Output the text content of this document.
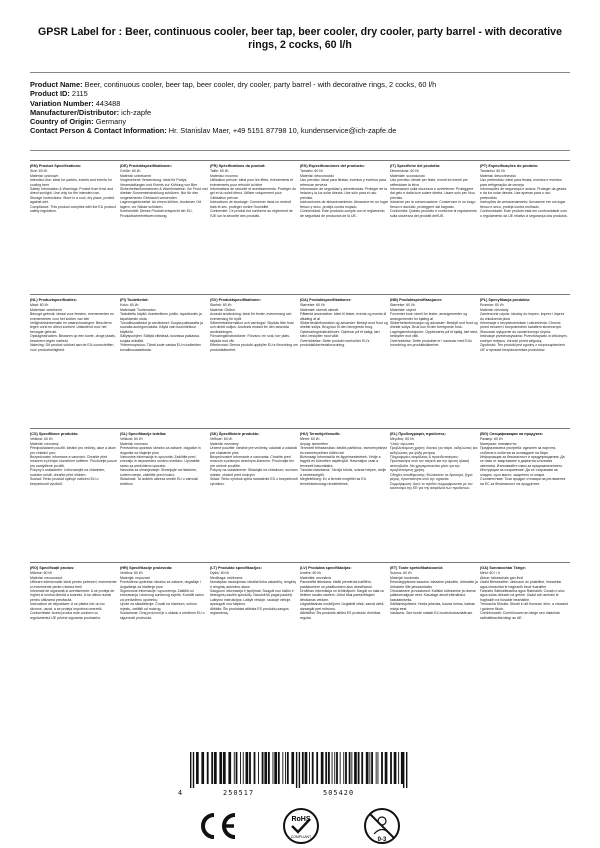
GPSR Label for : Beer, continuous cooler, beer tap, beer cooler, dry cooler, party barrel - with decorative rings, 2 cocks, 60 l/h
Product Name: Beer, continuous cooler, beer tap, beer cooler, dry cooler, party barrel - with decorative rings, 2 cocks, 60 l/h
Product ID: 2115
Variation Number: 443488
Manufacturer/Distributor: ich-zapfe
Country of Origin: Germany
Contact Person & Contact Information: Hr. Stanislav Maer, +49 5151 87798 10, kundenservice@ich-zapfe.de
(EN) Product Specifications:
Size: 60 l/h
Material: unknown
Intended Use: ideal for parties, events and events for cooling beer
Safety Information & Warnings: Protect from frost and direct sunlight. Use only for the intended use.
Storage Instructions: Store in a cool, dry place, protect against wet.
Compliance: This product complies with the EU product safety regulation.
(DE) Produktspezifikationen:
Größe: 60 l/h
Material: unbekannt
Vorgesehene Verwendung: ideal für Partys, Veranstaltungen und Events zur Kühlung von Bier
Sicherheitsinformationen & Warnhinweise: Vor Frost und direkter Sonneneinstrahlung schützen. Nur für den vorgesehenen Gebrauch verwenden.
Lagerungshinweise: An einem kühlen, trockenen Ort lagern, vor Nässe schützen.
Konformität: Dieses Produkt entspricht der EU-Produktsicherheitsverordnung.
(FR) Spécifications du produit:
Taille: 60 l/h
Matériau: inconnu
Utilisation prévue: idéal pour les fêtes, événements et événements pour refroidir la bière
Informations de sécurité et avertissements: Protéger du gel et du soleil direct. Utiliser uniquement pour l'utilisation prévue.
Instructions de stockage: Conserver dans un endroit frais et sec, protéger contre l'humidité.
Conformité: Ce produit est conforme au règlement de l'UE sur la sécurité des produits.
(ES) Especificaciones del producto:
Tamaño: 60 l/h
Material: desconocido
Uso previsto: ideal para fiestas, eventos y eventos para refrescar cerveza
Información de seguridad y advertencias: Proteger de la helada y la luz solar directa. Use sólo para el uso previsto.
Instrucciones de almacenamiento: Almacene en un lugar fresco y seco, proteja contra mojado.
Conformidad: Este producto cumple con el reglamento de seguridad de productos de la UE.
(IT) Specifiche del prodotto:
Dimensione: 60 l/h
Materiale: sconosciuto
Uso previsto: ideale per feste, eventi ed eventi per raffreddare la birra
Informazioni sulla sicurezza e avvertenze: Proteggere dal gelo e dalla luce solare diretta. Usare solo per l'uso previsto.
Istruzioni per la conservazione: Conservare in un luogo fresco e asciutto, proteggere dal bagnato.
Conformità: Questo prodotto è conforme al regolamento sulla sicurezza dei prodotti dell'UE.
(PT) Especificações do produto:
Tamanho: 60 l/h
Material: desconhecido
Uso pretendido: ideal para festas, eventos e eventos para refrigeração de cerveja
Informações de segurança e avisos: Proteger da geada e da luz solar directa. Use apenas para o uso pretendido.
Instruções de armazenamento: Armazene em um lugar fresco e seco, proteja contra molhado.
Conformidade: Este produto está em conformidade com o regulamento da UE relativo à segurança dos produtos.
(NL) Productspecificaties:
Maat: 60 l/h
Materiaal: onbekend
Beoogd gebruik: ideaal voor feesten, evenementen en evenementen voor het koelen van bier
Veiligheidsinformatie en waarschuwingen: Bescherm tegen vorst en direct zonlicht. Uitsluitend voor het beoogde gebruik.
Opslaginstructies: Bewaren op een koele, droge plaats, bescherm tegen natheid.
Naleving: Dit product voldoet aan de EU-voorschriften voor productveiligheid.
(FI) Tuotetiedot:
Koko: 60 l/h
Materiaali: Tuntematon
Tarkoitettu käyttö: ihanteellinen juhliin, tapahtumiin ja tapahtumiin oluta
Turvallisuustiedot ja varoitukset: Suojaa pakkaselta ja suoralta auringonvalolta. Käytä vain tuunnitelluun käyttöön.
Säilytysohjeet: Säilytä viileässä, kuivassa paikassa, suojaa märältä.
Yhteensopivuus: Tämä tuote vastaa EU:n tuotteiden turvallisuusasetusta.
(SV) Produktspecifikationer:
Storlek: 60 l/h
Material: Okänd
Avsedd användning: ideal för fester, evenemang och evenemang för kylöl
Säkerhetsinformation och varningar: Skydda från frost och direkt solljus. Används endast för den avsedda användningen.
Förvaringsinstruktioner: Förvara i en sval, torr plats, skydda mot våt.
Efterlevnad: Denna produkt uppfyller EU:s förordning om produktsäkerhet.
(DA) Produktspecifikationer:
Størrelse: 60 l/h
Materiale: ukendt ukendt
Påtænkt anvendelse: ideel til fester, events og events til afkøling af øl
Sikkerhedsinformation og advarsler: Beskyt mod frost og direkte sollys. Brug kun til den beregnede brug.
Opbevaringsinstruktioner: Opbevar på et køligt, tørt sted, beskytter mod vådt.
Overholdelse: Dette produkt overholder EU's produktsikkerhedsforordning.
(NB) Produktspesifikasjoner:
Størrelse: 60 l/h
Materiale: ukjent
Forventet bruk: ideell for fester, arrangementer og arrangementer for kjøling øl
Sikkerhetsinformasjon og advarsler: Beskytt mot frost og direkte sollys. Bruk kun til den beregnede bruk.
Lagringsinstruksjoner: Oppbevares på et kjølig, tørt sted, beskytter mot vått.
Overholdelse: Dette produktet er i samsvar med EUs forordning om produktsikkerhet.
(PL) Specyfikacja produktu:
Rozmiar: 60 l/h
Materiał: nieznany
Zamierzone użycie: idealny do imprez, imprez i imprez do chłodzenia piwa
Informacje o bezpieczeństwie i ostrzeżenia: Chronić przed mrozem i bezpośrednim światłem słonecznym. Stosować wyłącznie do zamierzonego użycia.
Instrukcje przechowywania: Przechowywać w chłodnym, suchym miejscu, chronić przed wilgocią.
Zgodność: Ten produkt jest zgodny z rozporządzeniem UE w sprawie bezpieczeństwa produktów.
(CS) Specifikace produktu:
Velikost: 60 l/h
Materiál: neznámý
Předpokládané použití: ideální pro večírky, akce a akce pro chladící pivo
Bezpečnostní informace a varování: Chraňte před mrazem a přímým slunečním světlem. Používejte pouze pro zamýšlené použití.
Pokyny k uskladnění: Uchovávejte na chladném, suchém místě, chraňte před vlhkem.
Soulad: Tento produkt splňuje nařízení EU o bezpečnosti výrobků.
(SL) Specifikacije izdelka:
Velikost: 60 l/h
Material: neznano
Predvidena uporaba: idealno za zabave, dogodke in dogodke za hlajenje piva
Varnostne informacije in opozorila: Zaščitite pred zmrzaljo in neposredno sončno svetlobo. Uporabite samo za predvideno uporabo.
Navodila za shranjevanje: Shranjujte na hladnem, suhem mestu, zaščitite pred mokro.
Skladnost: Ta izdelek ustreza uredbi EU o varnosti izdelkov.
(SK) Špecifikácie produktu:
Veľkosť: 60 l/h
Materiál: neznámy
Určené použitie: ideálne pre večierky, udalosti a udalosti pre chladenie piva
Bezpečnostné informácie a varovania: Chráňte pred mrazom a priamym slnečným žiarením. Používajte len pre určené použitie.
Pokyny na uskladnenie: Skladujte na chladnom, suchom mieste, chrániť pred mokrým.
Súlad: Tento výrobok spĺňa nariadenie EÚ o bezpečnosti výrobkov.
(HU) Termékjellemzők:
Méret: 60 l/h
Anyag: ismeretlen
Tervezett felhasználás: ideális partikhoz, eseményekhez és eseményekhez hűtési sör
Biztonsági információk és figyelmeztetések: Védje a fagytól és közvetlen napfénytől. Használjon csak a tervezett használatra.
Tárolási utasítások: Tárolja hűvös, száraz helyen, védje a nedvességtől.
Megfelelőség: Ez a termék megfelel az EU termékbiztonsági rendeletének.
(EL) Προδιαγραφές προϊόντος:
Μέγεθος: 60 l/h
Υλικό: άγνωστο
Προβλεπόμενη χρήση: ιδανικό για πάρτι, εκδηλώσεις και εκδηλώσεις για ψύξη μπύρας
Πληροφορίες ασφάλειας & προειδοποιήσεις: Προστατέψτε από τον παγετό και την άμεση ηλιακή ακτινοβολία. Να χρησιμοποιείται μόνο για την προβλεπόμενη χρήση.
Οδηγίες αποθήκευσης: Φυλάσσετε σε δροσερό, ξηρό μέρος, προστατέψτε από την υγρασία.
Συμμόρφωση: Αυτό το προϊόν συμμορφώνεται με τον κανονισμό της ΕΕ για την ασφάλεια των προϊόντων.
(BG) Спецификации на продукта:
Размер: 60 l/h
Материал: неизвестно
Предназначена употреба: идеален за партита, събития и събития за охлаждане на бира
Информация за безопасност и предупреждения: Да се пази от замръзване и директна слънчева светлина. Използвайте само за предназначението.
Инструкции за съхранение: Да се съхранява на хладно, сухо място, защитено от мокри.
Съответствие: Този продукт отговаря на регламента на ЕС за безопасност на продуктите.
(RO) Specificații produs:
Mărime: 60 l/h
Material: necunoscut
Utilizare intenționată: ideal pentru petreceri, evenimente și evenimente pentru răcirea berii
Informații de siguranță și avertismente: A se proteja de îngheț și lumina directă a soarelui. A se utiliza numai pentru utilizarea prevăzută.
Instrucțiuni de depozitare: A se păstra într-un loc răcoros, uscat, a se proteja împotriva umezelii.
Conformitate: Acest produs este conform cu regulamentul UE privind siguranța produselor.
(HR) Specifikacije proizvoda:
Veličina: 60 l/h
Materijal: nepoznat
Predviđena upotreba: idealno za zabave, događaje i događanja za hlađenje piva
Sigurnosne informacije i upozorenja: Zaštititi od smrzavanja i izravnog sunčevog svjetla. Koristiti samo za predviđenu upotrebu.
Upute za skladištenje: Čuvati na hladnom, suhom mjestu, zaštititi od mokrog.
Sukladnost: Ovaj proizvod je u skladu s uredbom EU o sigurnosti proizvoda.
(LT) Produkto specifikacijos:
Dydis: 60 l/h
Medžiaga: nežinoma
Numatytas naudojimas: idealiai tinka vakarėlių, renginių ir renginių aušinimo alaus
Saugumo informacija ir įspėjimai: Saugoti nuo šalčio ir tiesioginių saulės spindulių. Naudoti tik pagal paskirtį.
Laikymo instrukcijos: Laikyti vėsioje, sausoje vietoje, apsaugoti nuo šlapimo.
Atitiktis: Šis produktas atitinka ES produktų saugos reglamentą.
(LV) Produkta specifikācijas:
Izmērs: 60 l/h
Materiāls: nezināms
Paredzētā lietošana: ideāli piemērots ballītēm, pasākumiem un pasākumiem alus dzesēšanai
Drošības informācija un brīdinājumi: Sargāt no sala un tiešiem saules stariem. Lietot tikai paredzētajam lietošanas veidam.
Uzglabāšanas norādījumi: Uzglabāt vēsā, sausā vietā, aizsargāt pret mitrumu.
Atbilstība: Šis produkts atbilst ES produktu drošības regulai.
(ET) Toote spetsifikatsioonid:
Suurus: 60 l/h
Materjal: tundmatu
Eesmärgipärane kasutus: ideaalne pidudele, üritustele ja üritustele õlle jahutamiseks
Ohutusteave ja hoiatused: Kaitske külmumise ja otsese päikesevalguse eest. Kasutage ainult ettenähtud kasutamiseks.
Säilitamisjuhised: Hoida jahedas, kuivas kohas, kaitsta märja eest.
Vastavus: See toode vastab ELi tooteohutusmääruse.
(GA) Sonraíochtaí Táirge:
Méid: 60 l / h
Ábhar: taiseachais gan fhuil
Úsáid Bheartaithe: oiriúnach do pháirtithe, imeachtaí agus imeachtaí le haghaidh beoir fuaraithe
Faisnéis Sábháilteachta agus Rabhaidh: Cosain ó sioc agus solas díreach na gréine. Úsáid ach amháin le haghaidh na húsáide beartaithe.
Treoracha Stórála: Stóráil in áit fionnuar, tirim, a chosaint i gcoinne fliuch.
Comhlíonadh: Comhlíonann an táirge seo rialachán sábháilteachta táirgí an AE.
4	250517	505420
RoHS
COMPLIANT	0-3
